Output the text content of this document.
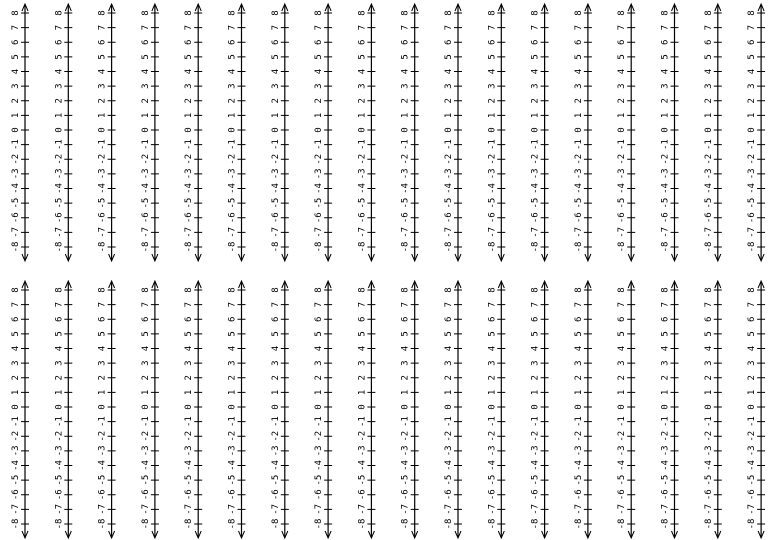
8
7
6
5
4
3
2
1
0
-1
-2
-3
-4
-5
-6
-7
-8
8
7
6
5
4
3
2
1
0
-1
-2
-3
-4
-5
-6
-7
-8
8
7
6
5
4
3
2
1
0
-1
-2
-3
-4
-5
-6
-7
-8
8
7
6
5
4
3
2
1
0
-1
-2
-3
-4
-5
-6
-7
-8
8
7
6
5
4
3
2
1
0
-1
-2
-3
-4
-5
-6
-7
-8
8
7
6
5
4
3
2
1
0
-1
-2
-3
-4
-5
-6
-7
-8
8
7
6
5
4
3
2
1
0
-1
-2
-3
-4
-5
-6
-7
-8
8
7
6
5
4
3
2
1
0
-1
-2
-3
-4
-5
-6
-7
-8
8
7
6
5
4
3
2
1
0
-1
-2
-3
-4
-5
-6
-7
-8
8
7
6
5
4
3
2
1
0
-1
-2
-3
-4
-5
-6
-7
-8
8
7
6
5
4
3
2
1
0
-1
-2
-3
-4
-5
-6
-7
-8
8
7
6
5
4
3
2
1
0
-1
-2
-3
-4
-5
-6
-7
-8
8
7
6
5
4
3
2
1
0
-1
-2
-3
-4
-5
-6
-7
-8
8
7
6
5
4
3
2
1
0
-1
-2
-3
-4
-5
-6
-7
-8
8
7
6
5
4
3
2
1
0
-1
-2
-3
-4
-5
-6
-7
-8
8
7
6
5
4
3
2
1
0
-1
-2
-3
-4
-5
-6
-7
-8
8
7
6
5
4
3
2
1
0
-1
-2
-3
-4
-5
-6
-7
-8
8
7
6
5
4
3
2
1
0
-1
-2
-3
-4
-5
-6
-7
-8
8
7
6
5
4
3
2
1
0
-1
-2
-3
-4
-5
-6
-7
-8
8
7
6
5
4
3
2
1
0
-1
-2
-3
-4
-5
-6
-7
-8
8
7
6
5
4
3
2
1
0
-1
-2
-3
-4
-5
-6
-7
-8
8
7
6
5
4
3
2
1
0
-1
-2
-3
-4
-5
-6
-7
-8
8
7
6
5
4
3
2
1
0
-1
-2
-3
-4
-5
-6
-7
-8
8
7
6
5
4
3
2
1
0
-1
-2
-3
-4
-5
-6
-7
-8
8
7
6
5
4
3
2
1
0
-1
-2
-3
-4
-5
-6
-7
-8
8
7
6
5
4
3
2
1
0
-1
-2
-3
-4
-5
-6
-7
-8
8
7
6
5
4
3
2
1
0
-1
-2
-3
-4
-5
-6
-7
-8
8
7
6
5
4
3
2
1
0
-1
-2
-3
-4
-5
-6
-7
-8
8
7
6
5
4
3
2
1
0
-1
-2
-3
-4
-5
-6
-7
-8
8
7
6
5
4
3
2
1
0
-1
-2
-3
-4
-5
-6
-7
-8
8
7
6
5
4
3
2
1
0
-1
-2
-3
-4
-5
-6
-7
-8
8
7
6
5
4
3
2
1
0
-1
-2
-3
-4
-5
-6
-7
-8
8
7
6
5
4
3
2
1
0
-1
-2
-3
-4
-5
-6
-7
-8
8
7
6
5
4
3
2
1
0
-1
-2
-3
-4
-5
-6
-7
-8
8
7
6
5
4
3
2
1
0
-1
-2
-3
-4
-5
-6
-7
-8
8
7
6
5
4
3
2
1
0
-1
-2
-3
-4
-5
-6
-7
-8
